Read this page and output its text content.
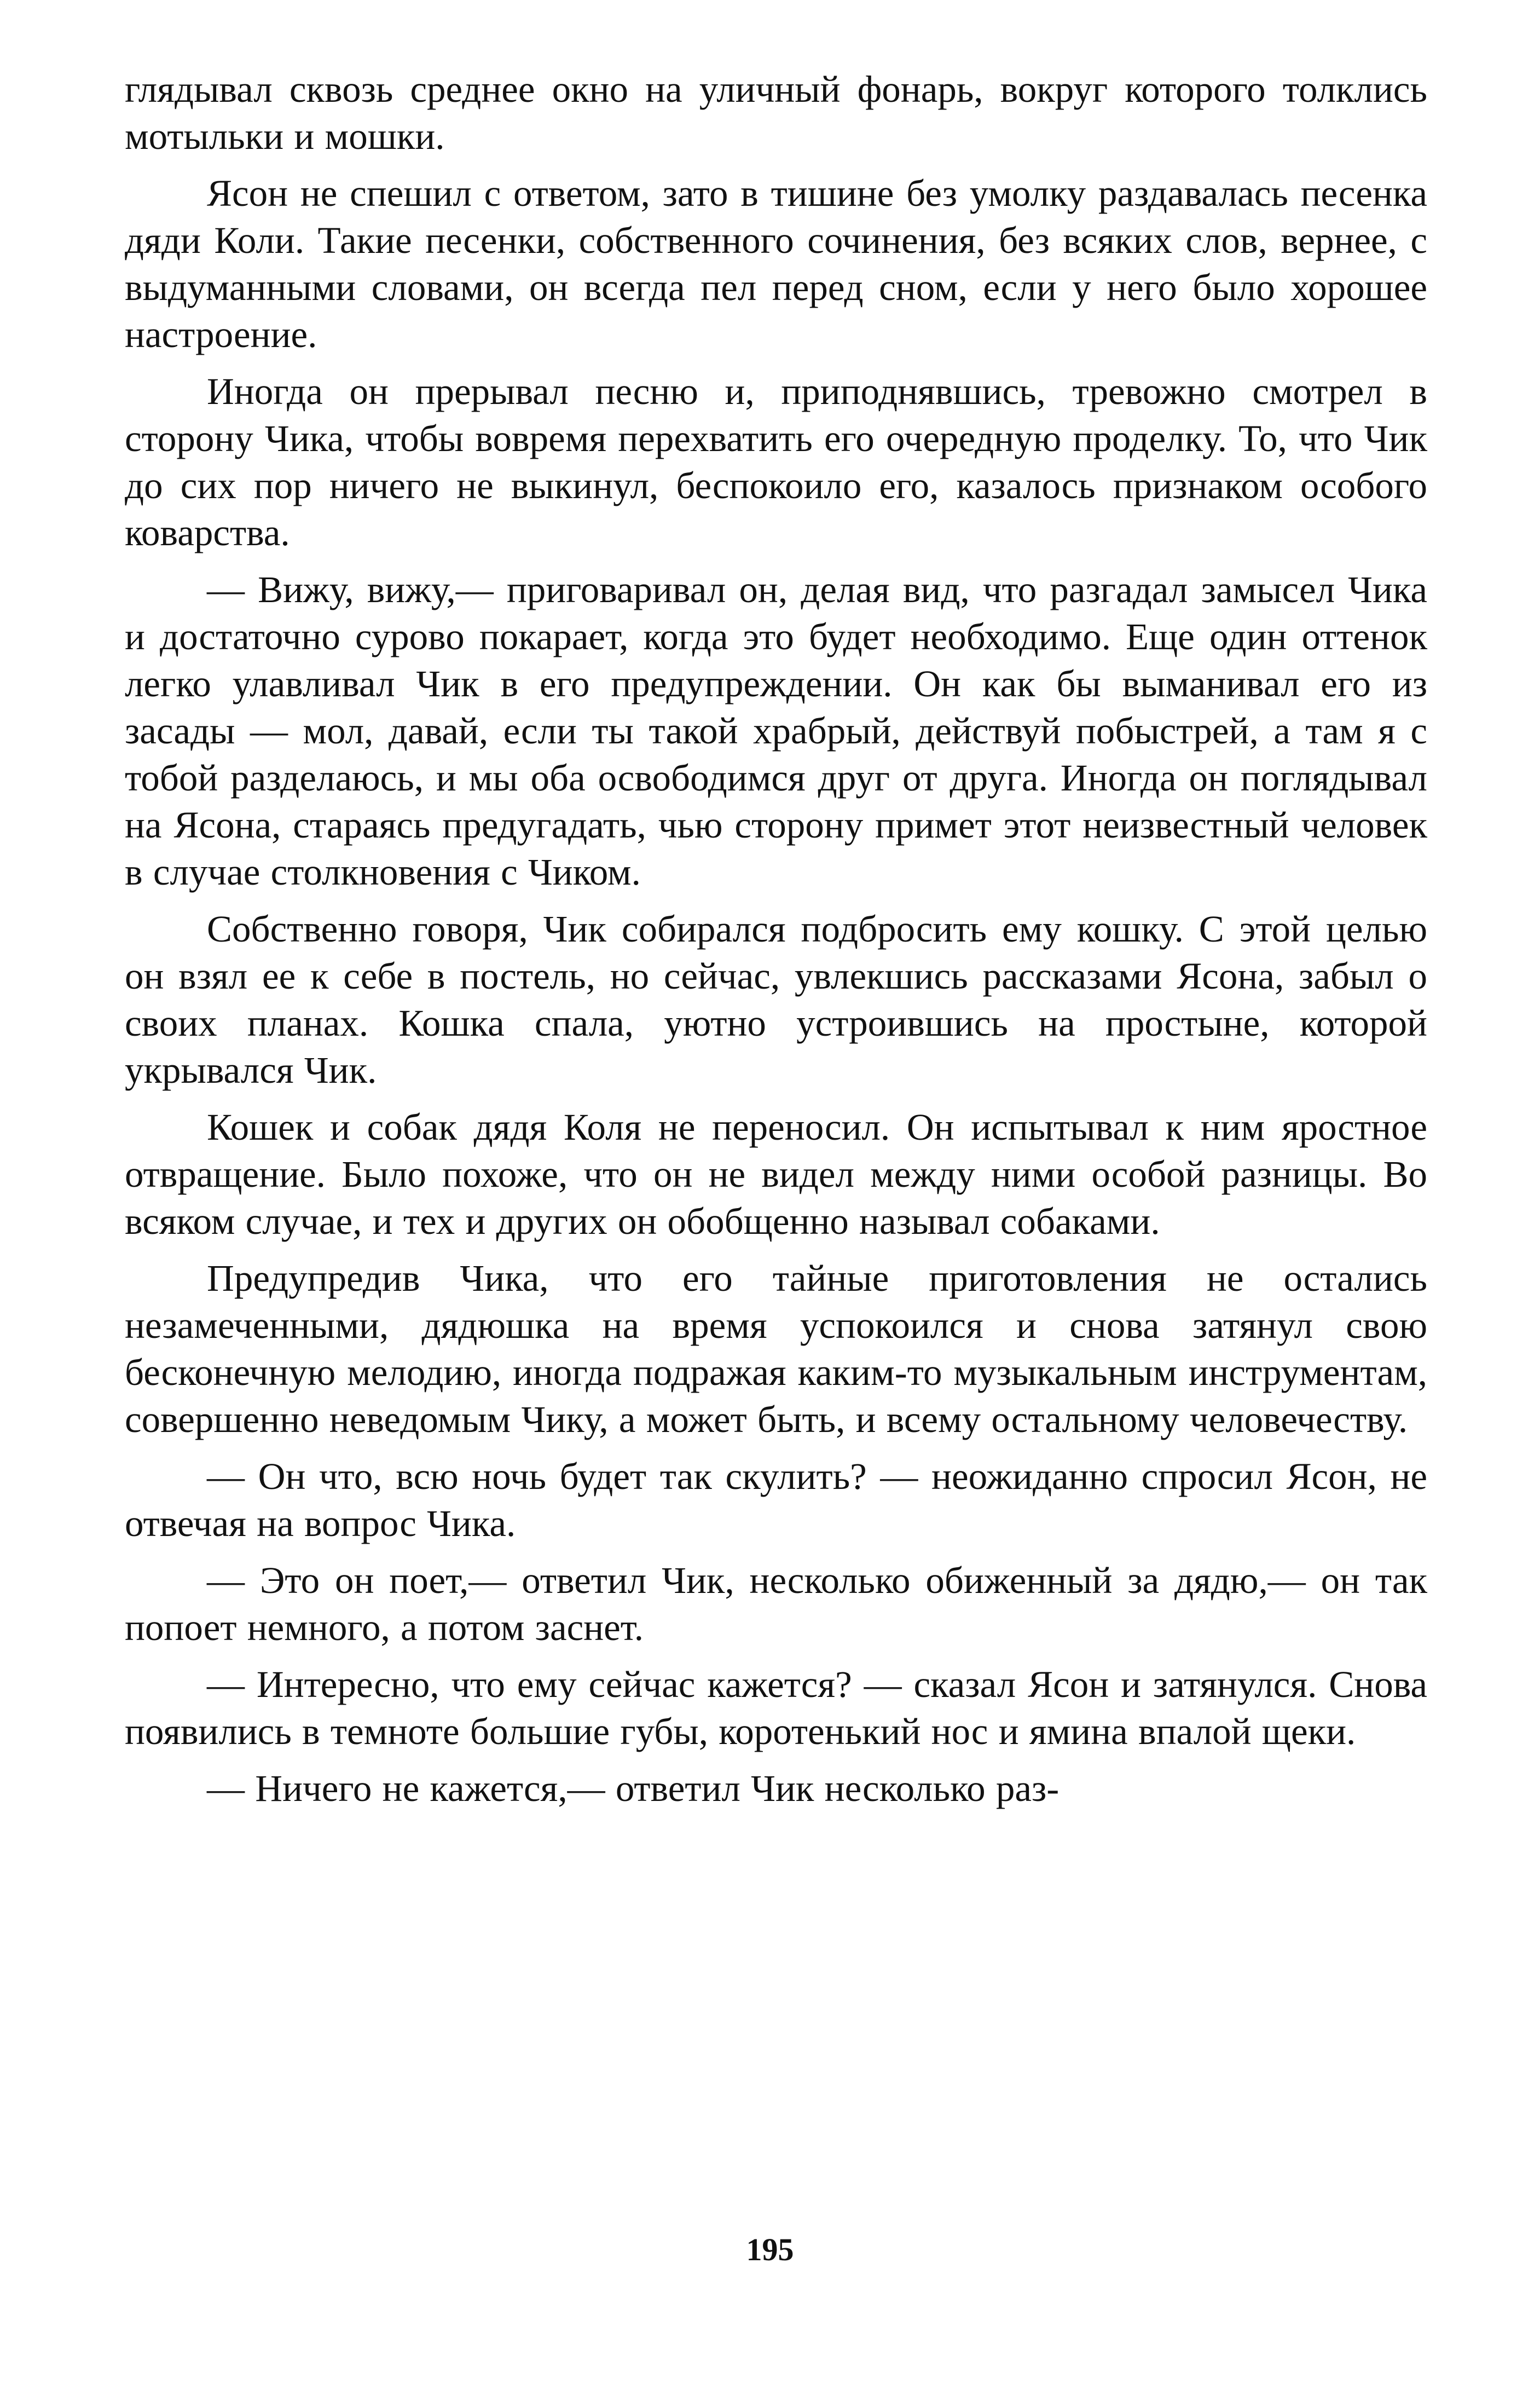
глядывал сквозь среднее окно на уличный фонарь, вокруг которого толклись мотыльки и мошки.

Ясон не спешил с ответом, зато в тишине без умолку раздавалась песенка дяди Коли. Такие песенки, собственного сочинения, без всяких слов, вернее, с выдуманными словами, он всегда пел перед сном, если у него было хорошее настроение.

Иногда он прерывал песню и, приподнявшись, тревожно смотрел в сторону Чика, чтобы вовремя перехватить его очередную проделку. То, что Чик до сих пор ничего не выкинул, беспокоило его, казалось признаком особого коварства.

— Вижу, вижу,— приговаривал он, делая вид, что разгадал замысел Чика и достаточно сурово покарает, когда это будет необходимо. Еще один оттенок легко улавливал Чик в его предупреждении. Он как бы выманивал его из засады — мол, давай, если ты такой храбрый, действуй побыстрей, а там я с тобой разделаюсь, и мы оба освободимся друг от друга. Иногда он поглядывал на Ясона, стараясь предугадать, чью сторону примет этот неизвестный человек в случае столкновения с Чиком.

Собственно говоря, Чик собирался подбросить ему кошку. С этой целью он взял ее к себе в постель, но сейчас, увлекшись рассказами Ясона, забыл о своих планах. Кошка спала, уютно устроившись на простыне, которой укрывался Чик.

Кошек и собак дядя Коля не переносил. Он испытывал к ним яростное отвращение. Было похоже, что он не видел между ними особой разницы. Во всяком случае, и тех и других он обобщенно называл собаками.

Предупредив Чика, что его тайные приготовления не остались незамеченными, дядюшка на время успокоился и снова затянул свою бесконечную мелодию, иногда подражая каким-то музыкальным инструментам, совершенно неведомым Чику, а может быть, и всему остальному человечеству.

— Он что, всю ночь будет так скулить? — неожиданно спросил Ясон, не отвечая на вопрос Чика.

— Это он поет,— ответил Чик, несколько обиженный за дядю,— он так попоет немного, а потом заснет.

— Интересно, что ему сейчас кажется? — сказал Ясон и затянулся. Снова появились в темноте большие губы, коротенький нос и ямина впалой щеки.

— Ничего не кажется,— ответил Чик несколько раз-

195
